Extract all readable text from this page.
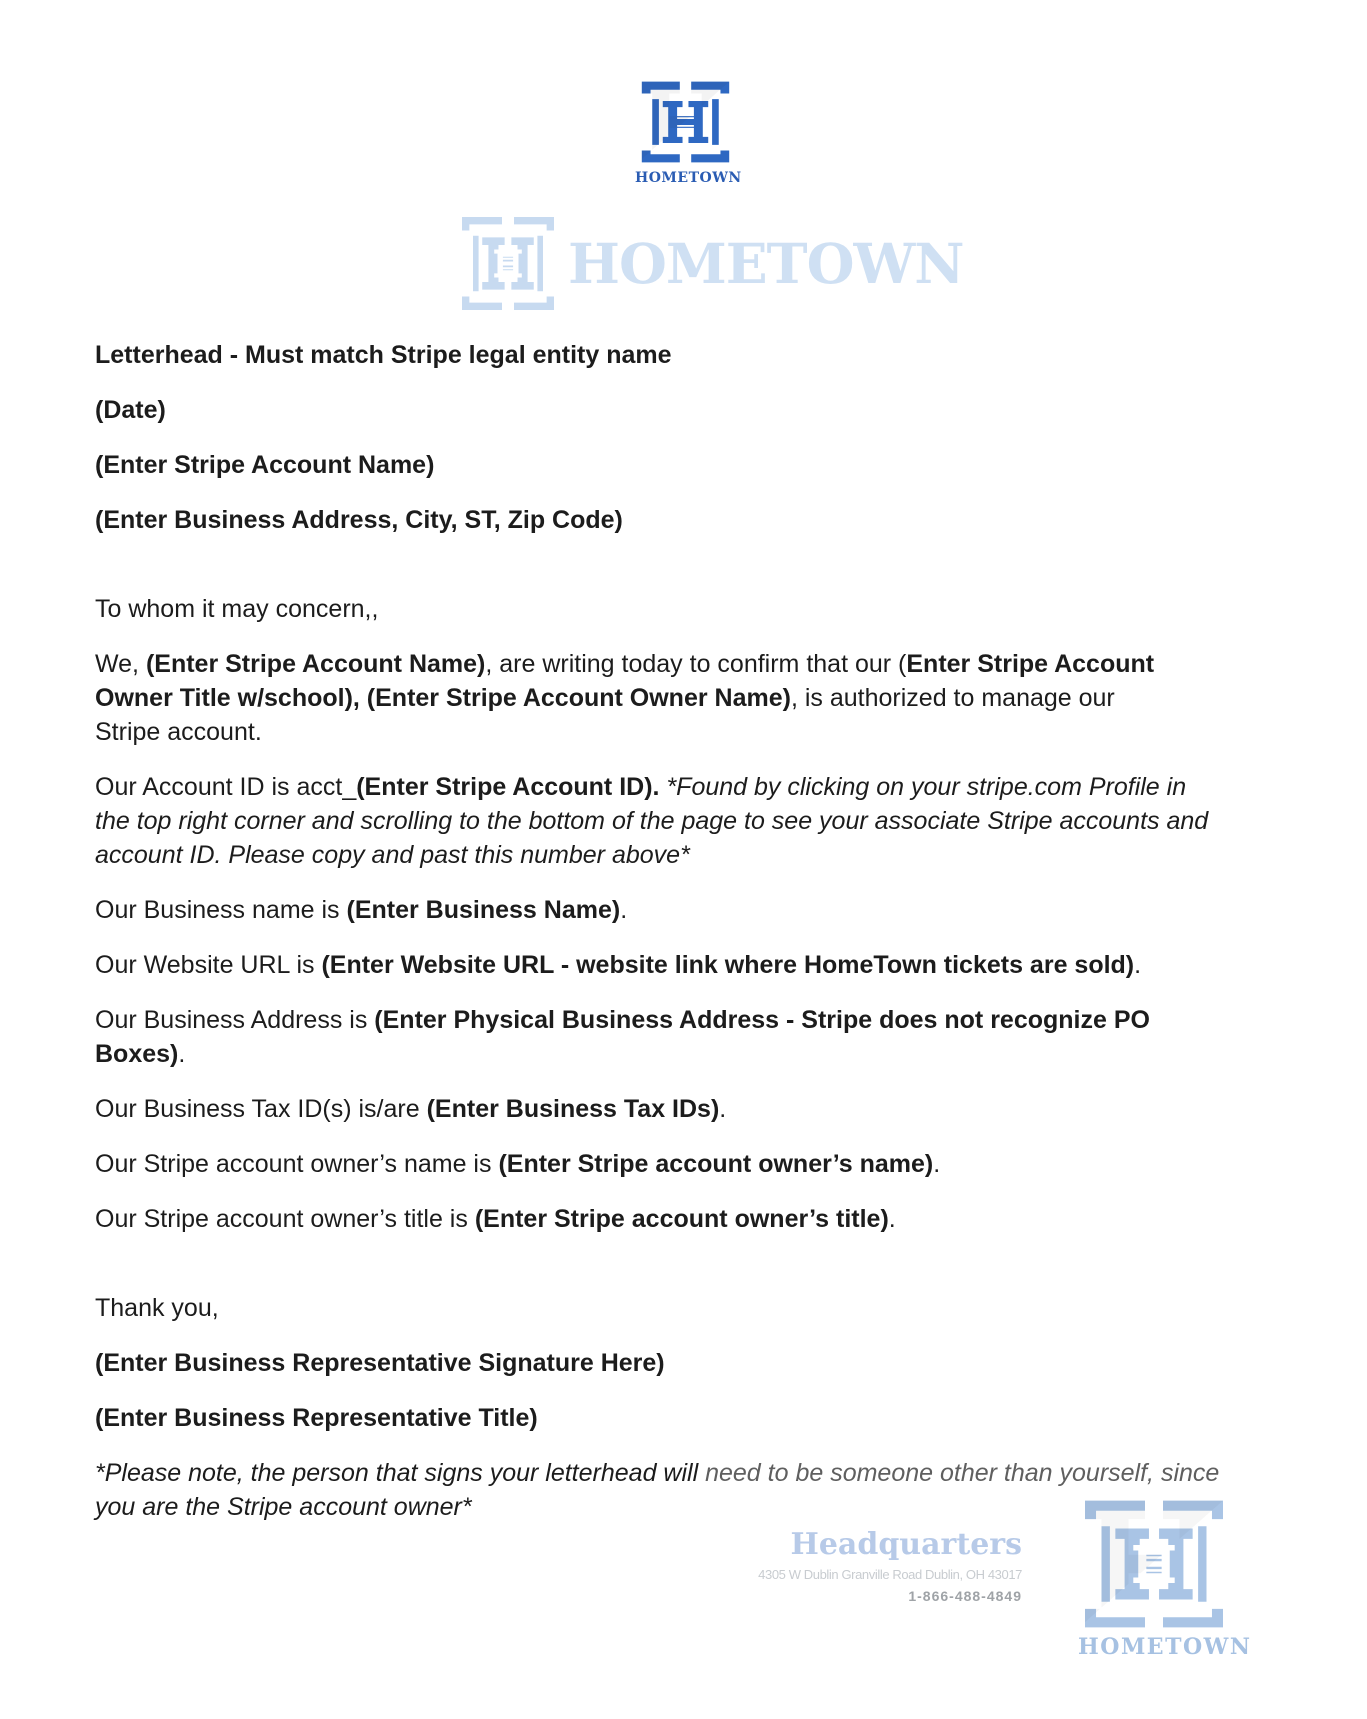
HOMETOWN
HOMETOWN

Letterhead - Must match Stripe legal entity name

(Date)

(Enter Stripe Account Name)

(Enter Business Address, City, ST, Zip Code)

To whom it may concern,,

We, (Enter Stripe Account Name), are writing today to confirm that our (Enter Stripe Account
Owner Title w/school), (Enter Stripe Account Owner Name), is authorized to manage our
Stripe account.

Our Account ID is acct_(Enter Stripe Account ID). *Found by clicking on your stripe.com Profile in
the top right corner and scrolling to the bottom of the page to see your associate Stripe accounts and
account ID. Please copy and past this number above*

Our Business name is (Enter Business Name).

Our Website URL is (Enter Website URL - website link where HomeTown tickets are sold).

Our Business Address is (Enter Physical Business Address - Stripe does not recognize PO
Boxes).

Our Business Tax ID(s) is/are (Enter Business Tax IDs).

Our Stripe account owner’s name is (Enter Stripe account owner’s name).

Our Stripe account owner’s title is (Enter Stripe account owner’s title).

Thank you,

(Enter Business Representative Signature Here)

(Enter Business Representative Title)

*Please note, the person that signs your letterhead will need to be someone other than yourself, since
you are the Stripe account owner*

Headquarters
4305 W Dublin Granville Road Dublin, OH 43017
1-866-488-4849
HOMETOWN
